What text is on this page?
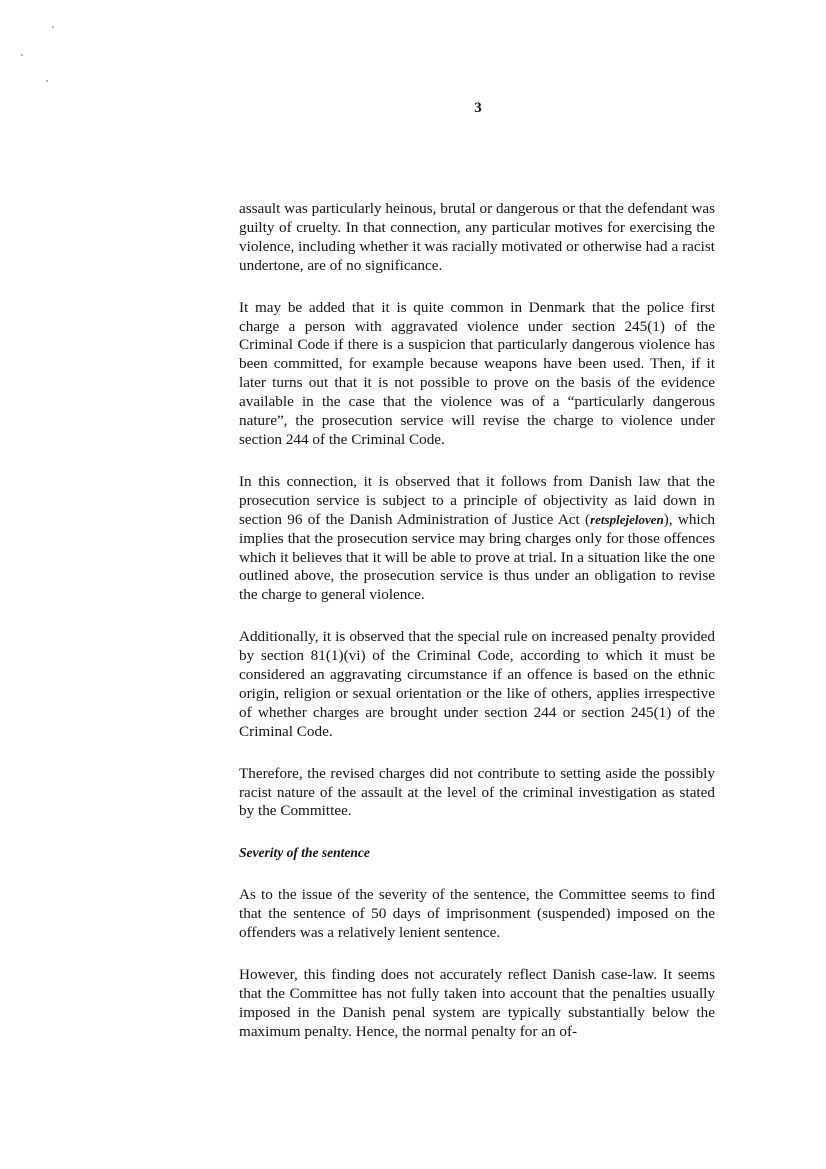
3

assault was particularly heinous, brutal or dangerous or that the defendant was guilty of cruelty. In that connection, any particular motives for exercising the violence, including whether it was racially motivated or otherwise had a racist undertone, are of no significance.

It may be added that it is quite common in Denmark that the police first charge a person with aggravated violence under section 245(1) of the Criminal Code if there is a suspicion that particularly dangerous violence has been committed, for example because weapons have been used. Then, if it later turns out that it is not possible to prove on the basis of the evidence available in the case that the violence was of a “particularly dangerous nature”, the prosecution service will revise the charge to violence under section 244 of the Criminal Code.

In this connection, it is observed that it follows from Danish law that the prosecution service is subject to a principle of objectivity as laid down in section 96 of the Danish Administration of Justice Act (retsplejeloven), which implies that the prosecution service may bring charges only for those offences which it believes that it will be able to prove at trial. In a situation like the one outlined above, the prosecution service is thus under an obligation to revise the charge to general violence.

Additionally, it is observed that the special rule on increased penalty provided by section 81(1)(vi) of the Criminal Code, according to which it must be considered an aggravating circumstance if an offence is based on the ethnic origin, religion or sexual orientation or the like of others, applies irrespective of whether charges are brought under section 244 or section 245(1) of the Criminal Code.

Therefore, the revised charges did not contribute to setting aside the possibly racist nature of the assault at the level of the criminal investigation as stated by the Committee.

Severity of the sentence

As to the issue of the severity of the sentence, the Committee seems to find that the sentence of 50 days of imprisonment (suspended) imposed on the offenders was a relatively lenient sentence.

However, this finding does not accurately reflect Danish case-law. It seems that the Committee has not fully taken into account that the penalties usually imposed in the Danish penal system are typically substantially below the maximum penalty. Hence, the normal penalty for an of-
